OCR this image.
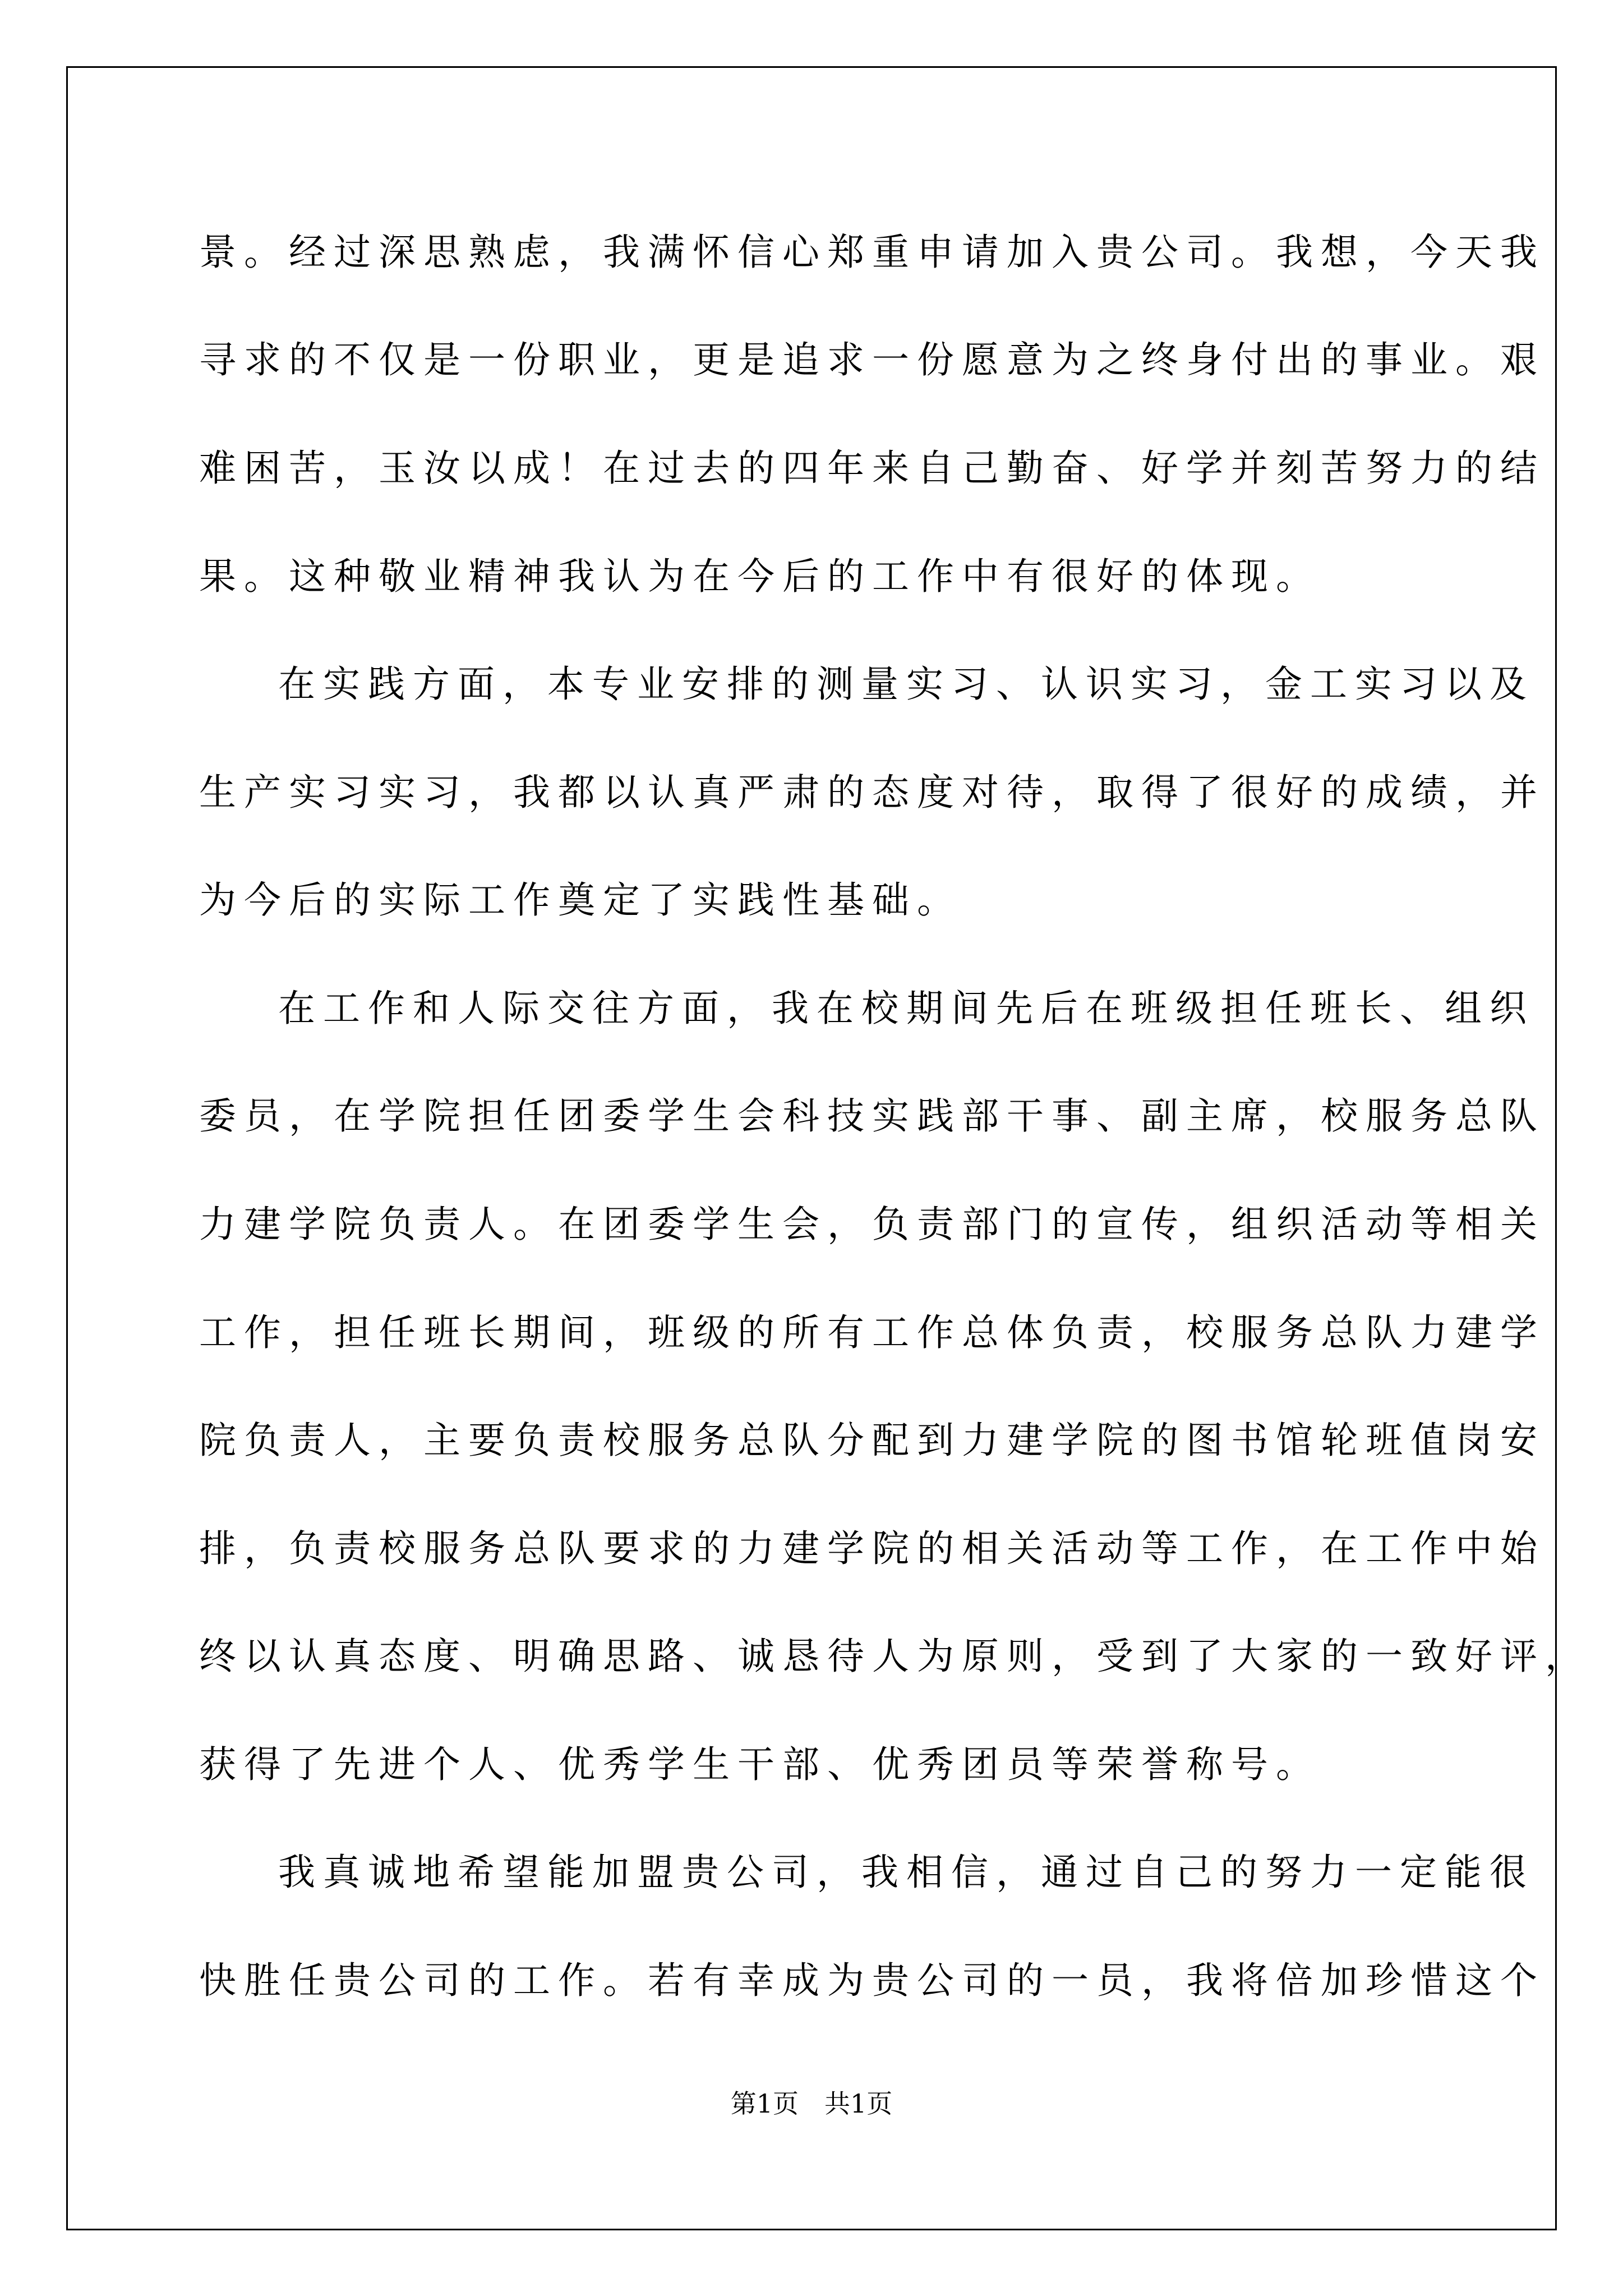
景。经过深思熟虑，我满怀信心郑重申请加入贵公司。我想，今天我
寻求的不仅是一份职业，更是追求一份愿意为之终身付出的事业。艰
难困苦，玉汝以成！在过去的四年来自己勤奋、好学并刻苦努力的结
果。这种敬业精神我认为在今后的工作中有很好的体现。
在实践方面，本专业安排的测量实习、认识实习，金工实习以及
生产实习实习，我都以认真严肃的态度对待，取得了很好的成绩，并
为今后的实际工作奠定了实践性基础。
在工作和人际交往方面，我在校期间先后在班级担任班长、组织
委员，在学院担任团委学生会科技实践部干事、副主席，校服务总队
力建学院负责人。在团委学生会，负责部门的宣传，组织活动等相关
工作，担任班长期间，班级的所有工作总体负责，校服务总队力建学
院负责人，主要负责校服务总队分配到力建学院的图书馆轮班值岗安
排，负责校服务总队要求的力建学院的相关活动等工作，在工作中始
终以认真态度、明确思路、诚恳待人为原则，受到了大家的一致好评，
获得了先进个人、优秀学生干部、优秀团员等荣誉称号。
我真诚地希望能加盟贵公司，我相信，通过自己的努力一定能很
快胜任贵公司的工作。若有幸成为贵公司的一员，我将倍加珍惜这个
第1页　共1页
